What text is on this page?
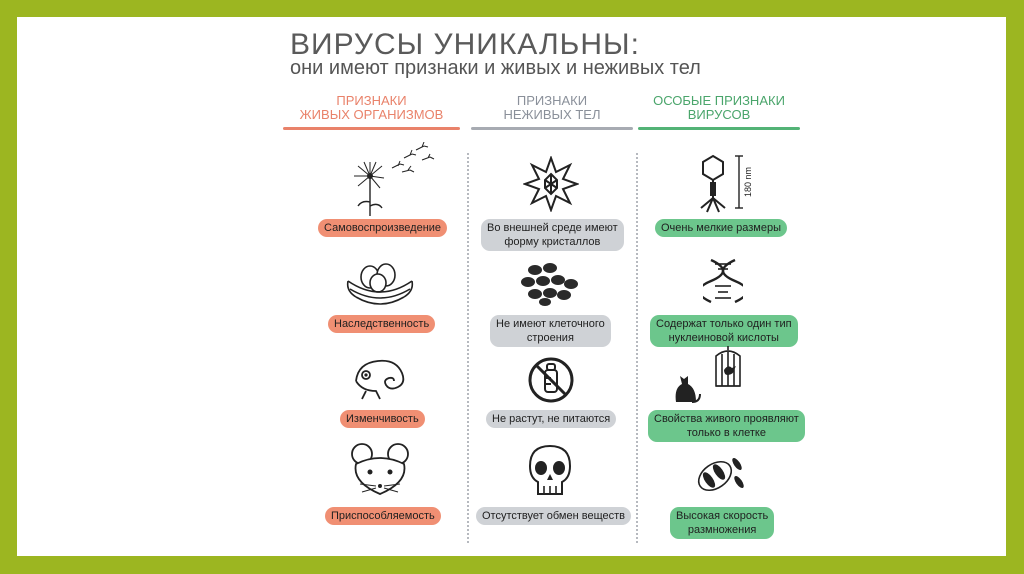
ВИРУСЫ УНИКАЛЬНЫ:

они имеют признаки и живых и неживых тел

ПРИЗНАКИ
ЖИВЫХ ОРГАНИЗМОВ
ПРИЗНАКИ
НЕЖИВЫХ ТЕЛ
ОСОБЫЕ ПРИЗНАКИ
ВИРУСОВ
Самовоспроизведение
Наследственность
Изменчивость
Приспособляемость
Во внешней среде имеют
форму кристаллов
Не имеют клеточного
строения
Не растут, не питаются
Отсутствует обмен веществ
180 nm
Очень мелкие размеры
Содержат только один тип
нуклеиновой кислоты
Свойства живого проявляют
только в клетке
Высокая скорость
размножения
